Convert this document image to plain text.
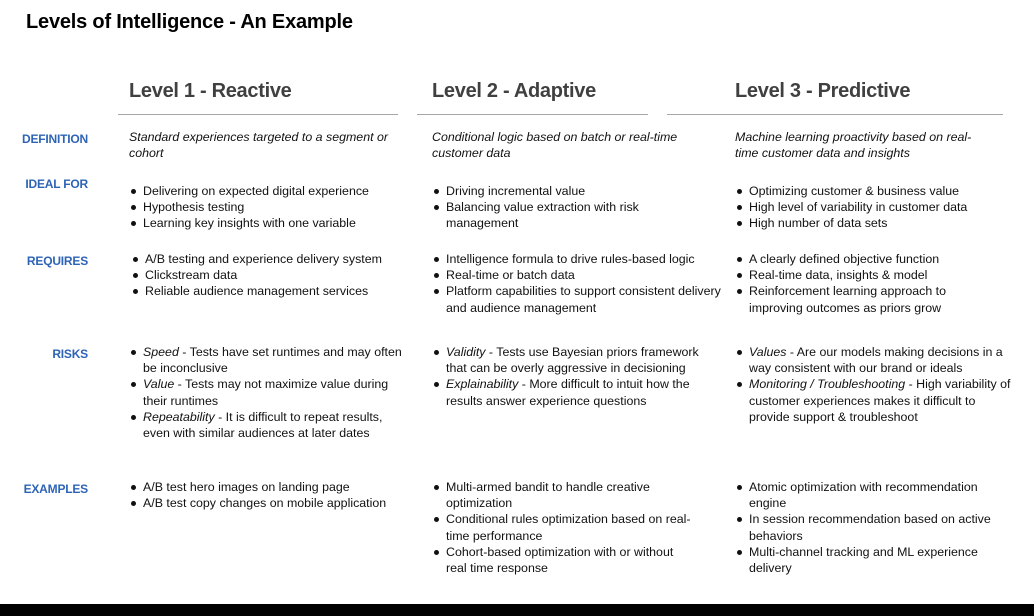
Levels of Intelligence - An Example
Level 1 - Reactive	Level 2 - Adaptive	Level 3 - Predictive
DEFINITION
IDEAL FOR
REQUIRES
RISKS
EXAMPLES
Standard experiences targeted to a segment or cohort
Conditional logic based on batch or real-time customer data
Machine learning proactivity based on real-time customer data and insights
Delivering on expected digital experience
Hypothesis testing
Learning key insights with one variable
Driving incremental value
Balancing value extraction with risk management
Optimizing customer & business value
High level of variability in customer data
High number of data sets
A/B testing and experience delivery system
Clickstream data
Reliable audience management services
Intelligence formula to drive rules-based logic
Real-time or batch data
Platform capabilities to support consistent delivery and audience management
A clearly defined objective function
Real-time data, insights & model
Reinforcement learning approach to improving outcomes as priors grow
Speed - Tests have set runtimes and may often be inconclusive
Value - Tests may not maximize value during their runtimes
Repeatability - It is difficult to repeat results, even with similar audiences at later dates
Validity - Tests use Bayesian priors framework that can be overly aggressive in decisioning
Explainability - More difficult to intuit how the results answer experience questions
Values - Are our models making decisions in a way consistent with our brand or ideals
Monitoring / Troubleshooting - High variability of customer experiences makes it difficult to provide support & troubleshoot
A/B test hero images on landing page
A/B test copy changes on mobile application
Multi-armed bandit to handle creative optimization
Conditional rules optimization based on real-time performance
Cohort-based optimization with or without real time response
Atomic optimization with recommendation engine
In session recommendation based on active behaviors
Multi-channel tracking and ML experience delivery
